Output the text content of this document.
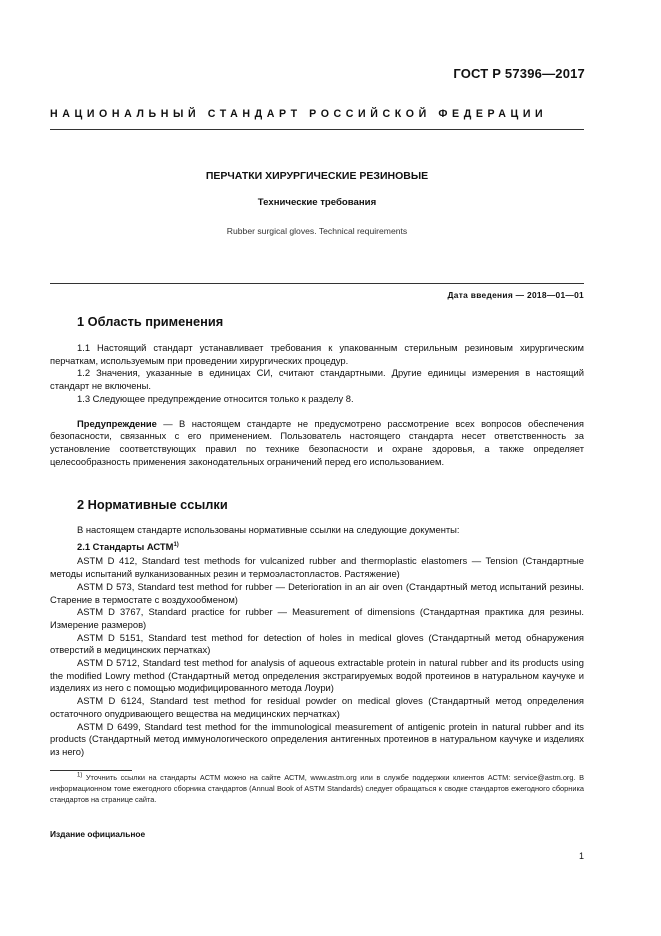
ГОСТ Р 57396—2017
НАЦИОНАЛЬНЫЙ СТАНДАРТ РОССИЙСКОЙ ФЕДЕРАЦИИ
ПЕРЧАТКИ ХИРУРГИЧЕСКИЕ РЕЗИНОВЫЕ
Технические требования
Rubber surgical gloves. Technical requirements
Дата введения — 2018—01—01
1 Область применения

1.1 Настоящий стандарт устанавливает требования к упакованным стерильным резиновым хирургическим перчаткам, используемым при проведении хирургических процедур.

1.2 Значения, указанные в единицах СИ, считают стандартными. Другие единицы измерения в настоящий стандарт не включены.

1.3 Следующее предупреждение относится только к разделу 8.

Предупреждение — В настоящем стандарте не предусмотрено рассмотрение всех вопросов обеспечения безопасности, связанных с его применением. Пользователь настоящего стандарта несет ответственность за установление соответствующих правил по технике безопасности и охране здоровья, а также определяет целесообразность применения законодательных ограничений перед его использованием.

2 Нормативные ссылки

В настоящем стандарте использованы нормативные ссылки на следующие документы:

2.1 Стандарты АСТМ$^{1)}$

ASTM D 412, Standard test methods for vulcanized rubber and thermoplastic elastomers — Tension (Стандартные методы испытаний вулканизованных резин и термоэластопластов. Растяжение)

ASTM D 573, Standard test method for rubber — Deterioration in an air oven (Стандартный метод испытаний резины. Старение в термостате с воздухообменом)

ASTM D 3767, Standard practice for rubber — Measurement of dimensions (Стандартная практика для резины. Измерение размеров)

ASTM D 5151, Standard test method for detection of holes in medical gloves (Стандартный метод обнаружения отверстий в медицинских перчатках)

ASTM D 5712, Standard test method for analysis of aqueous extractable protein in natural rubber and its products using the modified Lowry method (Стандартный метод определения экстрагируемых водой протеинов в натуральном каучуке и изделиях из него с помощью модифицированного метода Лоури)

ASTM D 6124, Standard test method for residual powder on medical gloves (Стандартный метод определения остаточного опудривающего вещества на медицинских перчатках)

ASTM D 6499, Standard test method for the immunological measurement of antigenic protein in natural rubber and its products (Стандартный метод иммунологического определения антигенных протеинов в натуральном каучуке и изделиях из него)

$^{1)}$ Уточнить ссылки на стандарты АСТМ можно на сайте АСТМ, www.astm.org или в службе поддержки клиентов АСТМ: service@astm.org. В информационном томе ежегодного сборника стандартов (Annual Book of ASTM Standards) следует обращаться к сводке стандартов ежегодного сборника стандартов на странице сайта.

Издание официальное
1
